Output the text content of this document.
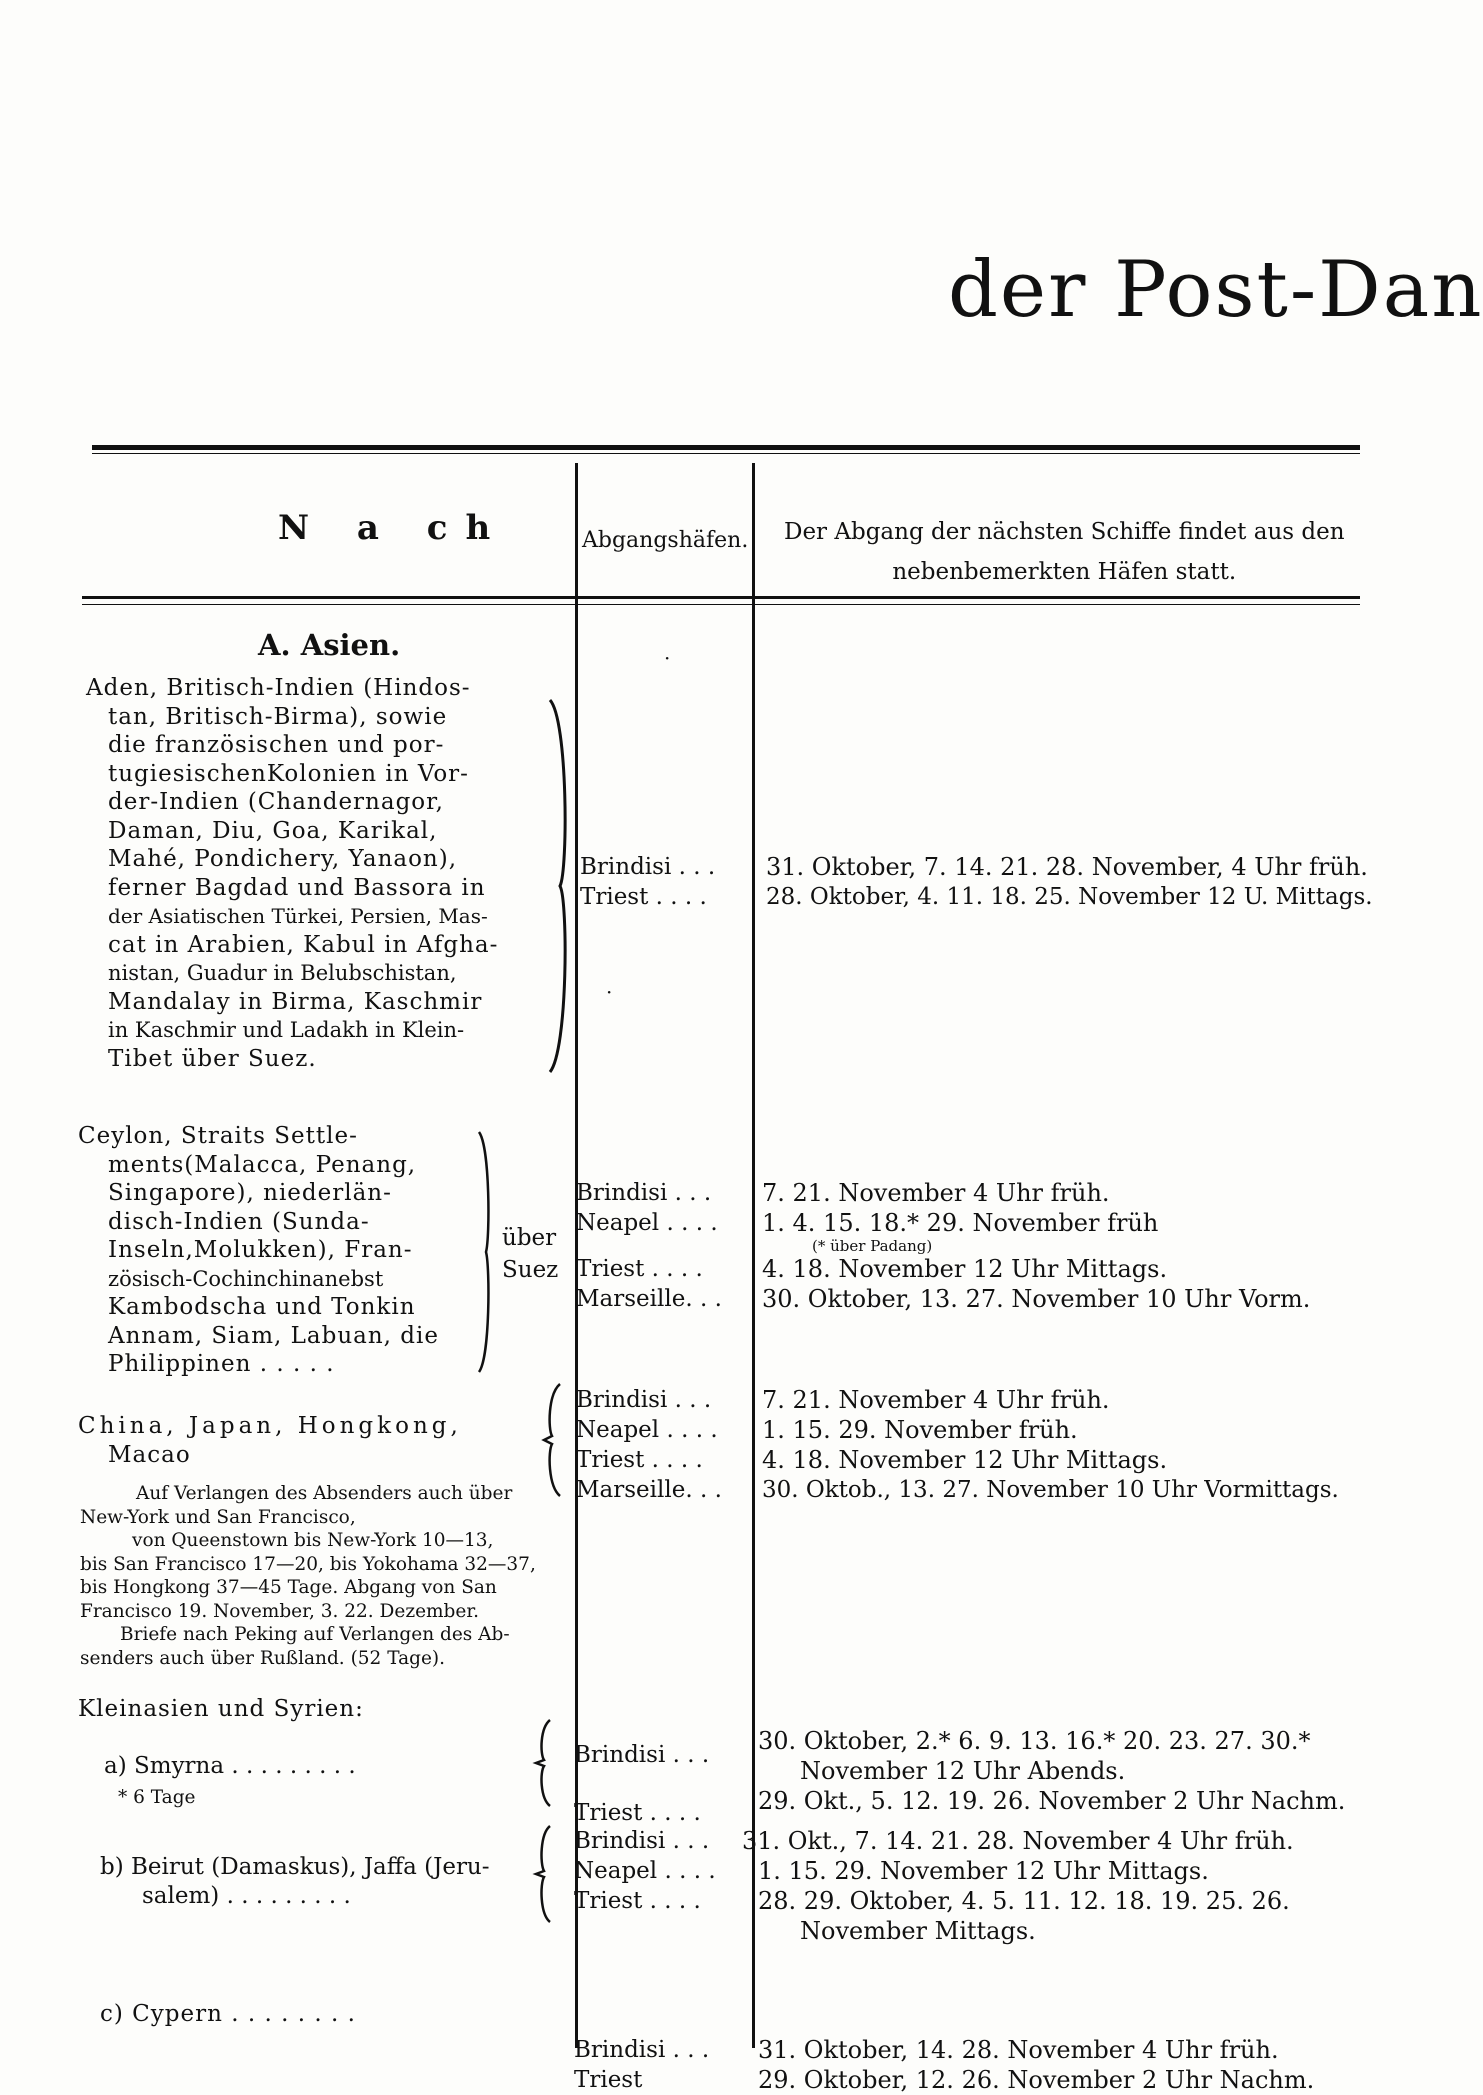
der Post-Dan
N a ch	Abgangshäfen. Der Abgang der nächsten Schiffe findet aus den
nebenbemerkten Häfen statt.
A. Asien.	·
·
Aden, Britisch-Indien (Hindos-
tan, Britisch-Birma), sowie
die französischen und por-
tugiesischenKolonien in Vor-
der-Indien (Chandernagor,
Daman, Diu, Goa, Karikal,
Mahé, Pondichery, Yanaon),
ferner Bagdad und Bassora in
der Asiatischen Türkei, Persien, Mas-
cat in Arabien, Kabul in Afgha-
nistan, Guadur in Belubschistan,
Mandalay in Birma, Kaschmir
in Kaschmir und Ladakh in Klein-
Tibet über Suez.
Brindisi . . .
Triest . . . .
31. Oktober, 7. 14. 21. 28. November, 4 Uhr früh.
28. Oktober, 4. 11. 18. 25. November 12 U. Mittags.
Ceylon, Straits Settle-
ments(Malacca, Penang,
Singapore), niederlän-
disch-Indien (Sunda-
Inseln,Molukken), Fran-
zösisch-Cochinchinanebst
Kambodscha und Tonkin
Annam, Siam, Labuan, die
Philippinen . . . . .
über
Suez
Brindisi . . .
Neapel . . . .
Triest . . . .
Marseille. . .
7. 21. November 4 Uhr früh.
1. 4. 15. 18.* 29. November früh
(* über Padang)
4. 18. November 12 Uhr Mittags.
30. Oktober, 13. 27. November 10 Uhr Vorm.
China, Japan, Hongkong,
Macao
Auf Verlangen des Absenders auch über
New-York und San Francisco,
von Queenstown bis New-York 10—13,
bis San Francisco 17—20, bis Yokohama 32—37,
bis Hongkong 37—45 Tage. Abgang von San
Francisco 19. November, 3. 22. Dezember.
Briefe nach Peking auf Verlangen des Ab-
senders auch über Rußland. (52 Tage).
Brindisi . . .
Neapel . . . .
Triest . . . .
Marseille. . .
7. 21. November 4 Uhr früh.
1. 15. 29. November früh.
4. 18. November 12 Uhr Mittags.
30. Oktob., 13. 27. November 10 Uhr Vormittags.
Kleinasien und Syrien:
a) Smyrna . . . . . . . . .
* 6 Tage
Brindisi . . .
Triest . . . .
30. Oktober, 2.* 6. 9. 13. 16.* 20. 23. 27. 30.*
November 12 Uhr Abends.
29. Okt., 5. 12. 19. 26. November 2 Uhr Nachm.
b) Beirut (Damaskus), Jaffa (Jeru-
salem) . . . . . . . . .
Brindisi . . .
Neapel . . . .
Triest . . . .
31. Okt., 7. 14. 21. 28. November 4 Uhr früh.
1. 15. 29. November 12 Uhr Mittags.
28. 29. Oktober, 4. 5. 11. 12. 18. 19. 25. 26.
November Mittags.
c) Cypern . . . . . . . .
Brindisi . . .
Triest
31. Oktober, 14. 28. November 4 Uhr früh.
29. Oktober, 12. 26. November 2 Uhr Nachm.
